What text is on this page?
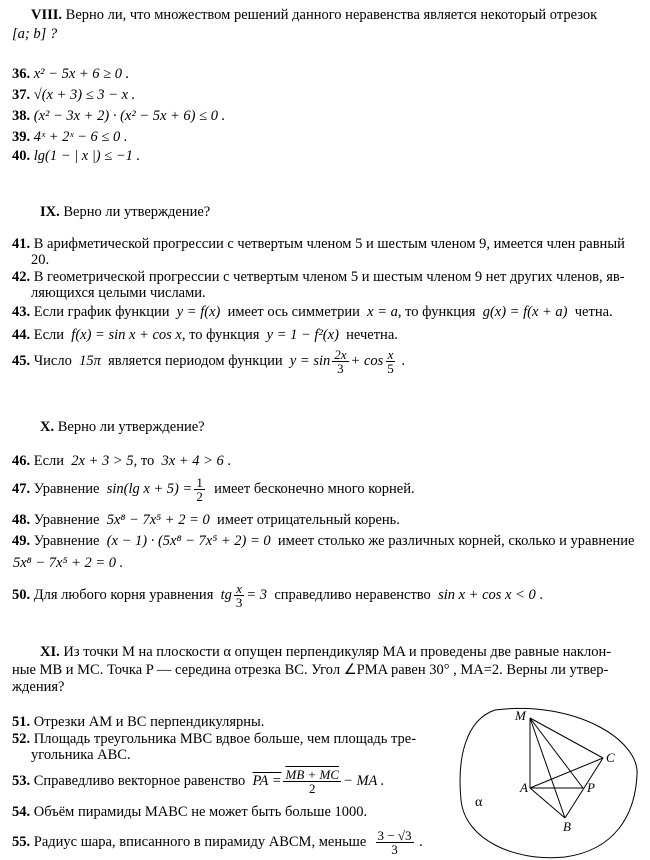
VIII. Верно ли, что множеством решений данного неравенства является некоторый отрезок
[a; b] ?
36. x² − 5x + 6 ≥ 0 .
37. √(x + 3) ≤ 3 − x .
38. (x² − 3x + 2) · (x² − 5x + 6) ≤ 0 .
39. 4ˣ + 2ˣ − 6 ≤ 0 .
40. lg(1 − | x |) ≤ −1 .
IX. Верно ли утверждение?
41. В арифметической прогрессии с четвертым членом 5 и шестым членом 9, имеется член равный
20.
42. В геометрической прогрессии с четвертым членом 5 и шестым членом 9 нет других членов, яв-
ляющихся целыми числами.
43. Если график функции y = f(x) имеет ось симметрии x = a, то функция g(x) = f(x + a) четна.
44. Если f(x) = sin x + cos x, то функция y = 1 − f²(x) нечетна.
45. Число 15π является периодом функции $y = \sin \frac{2x}{3} + \cos \frac{x}{5}$ .
X. Верно ли утверждение?
46. Если 2x + 3 > 5, то 3x + 4 > 6 .
47. Уравнение sin(lg $x + 5) = \frac{1}{2}$ имеет бесконечно много корней.
48. Уравнение 5x⁸ − 7x⁵ + 2 = 0 имеет отрицательный корень.
49. Уравнение (x − 1) · (5x⁸ − 7x⁵ + 2) = 0 имеет столько же различных корней, сколько и уравнение
5x⁸ − 7x⁵ + 2 = 0 .
50. Для любого корня уравнения tg $\frac{x}{3} = 3$ справедливо неравенство sin x + cos x < 0 .
XI. Из точки M на плоскости α опущен перпендикуляр MA и проведены две равные наклон-
ные MB и MC. Точка P — середина отрезка BC. Угол ∠PMA равен 30° , MA=2. Верны ли утвер-
ждения?
51. Отрезки AM и BC перпендикулярны.
52. Площадь треугольника MBC вдвое больше, чем площадь тре-
угольника ABC.
53. Справедливо векторное равенство PA = $\frac{MB + MC}{2}$ − MA .
54. Объём пирамиды MABC не может быть больше 1000.
55. Радиус шара, вписанного в пирамиду ABCM, меньше $\frac{3 - √3}{3}$ .
M
A
B
C
P
α
